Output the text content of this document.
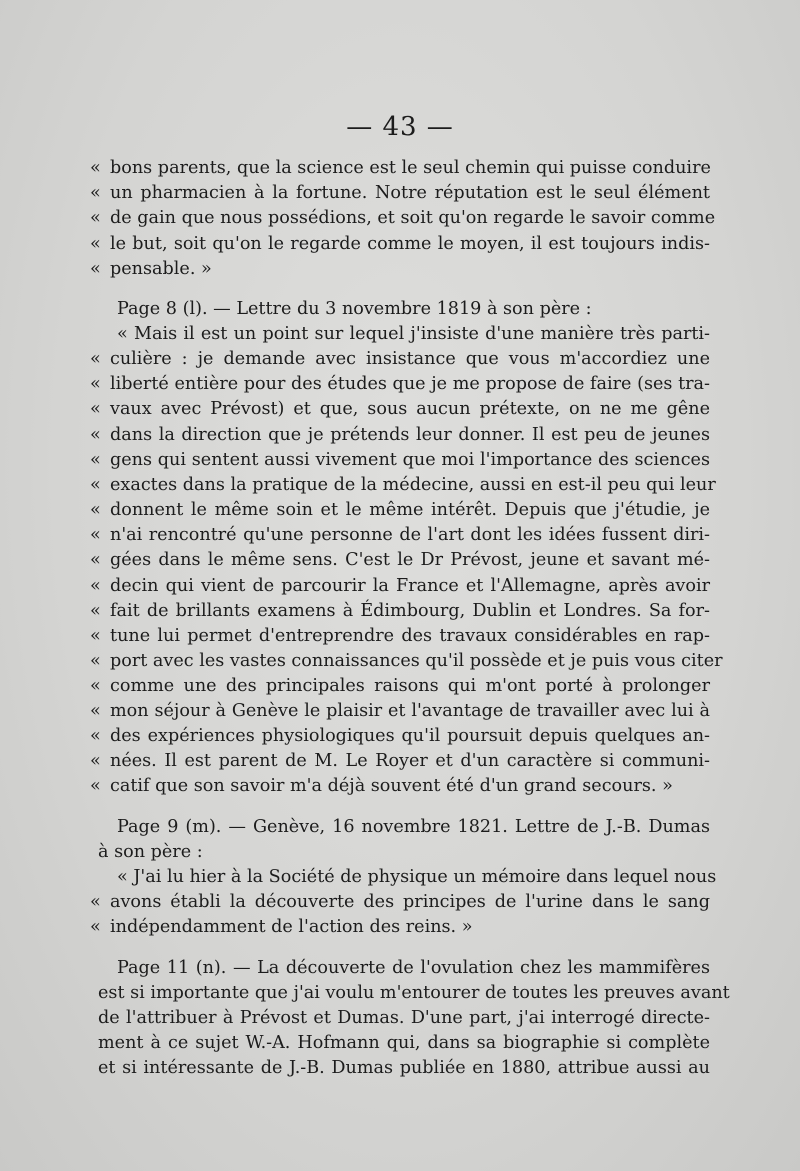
— 43 —
« bons parents, que la science est le seul chemin qui puisse conduire
« un pharmacien à la fortune. Notre réputation est le seul élément
« de gain que nous possédions, et soit qu'on regarde le savoir comme
« le but, soit qu'on le regarde comme le moyen, il est toujours indis-
« pensable. »
Page 8 (l). — Lettre du 3 novembre 1819 à son père :
« Mais il est un point sur lequel j'insiste d'une manière très parti-
« culière : je demande avec insistance que vous m'accordiez une
« liberté entière pour des études que je me propose de faire (ses tra-
« vaux avec Prévost) et que, sous aucun prétexte, on ne me gêne
« dans la direction que je prétends leur donner. Il est peu de jeunes
« gens qui sentent aussi vivement que moi l'importance des sciences
« exactes dans la pratique de la médecine, aussi en est-il peu qui leur
« donnent le même soin et le même intérêt. Depuis que j'étudie, je
« n'ai rencontré qu'une personne de l'art dont les idées fussent diri-
« gées dans le même sens. C'est le Dr Prévost, jeune et savant mé-
« decin qui vient de parcourir la France et l'Allemagne, après avoir
« fait de brillants examens à Édimbourg, Dublin et Londres. Sa for-
« tune lui permet d'entreprendre des travaux considérables en rap-
« port avec les vastes connaissances qu'il possède et je puis vous citer
« comme une des principales raisons qui m'ont porté à prolonger
« mon séjour à Genève le plaisir et l'avantage de travailler avec lui à
« des expériences physiologiques qu'il poursuit depuis quelques an-
« nées. Il est parent de M. Le Royer et d'un caractère si communi-
« catif que son savoir m'a déjà souvent été d'un grand secours. »
Page 9 (m). — Genève, 16 novembre 1821. Lettre de J.-B. Dumas
à son père :
« J'ai lu hier à la Société de physique un mémoire dans lequel nous
« avons établi la découverte des principes de l'urine dans le sang
« indépendamment de l'action des reins. »
Page 11 (n). — La découverte de l'ovulation chez les mammifères
est si importante que j'ai voulu m'entourer de toutes les preuves avant
de l'attribuer à Prévost et Dumas. D'une part, j'ai interrogé directe-
ment à ce sujet W.-A. Hofmann qui, dans sa biographie si complète
et si intéressante de J.-B. Dumas publiée en 1880, attribue aussi au
